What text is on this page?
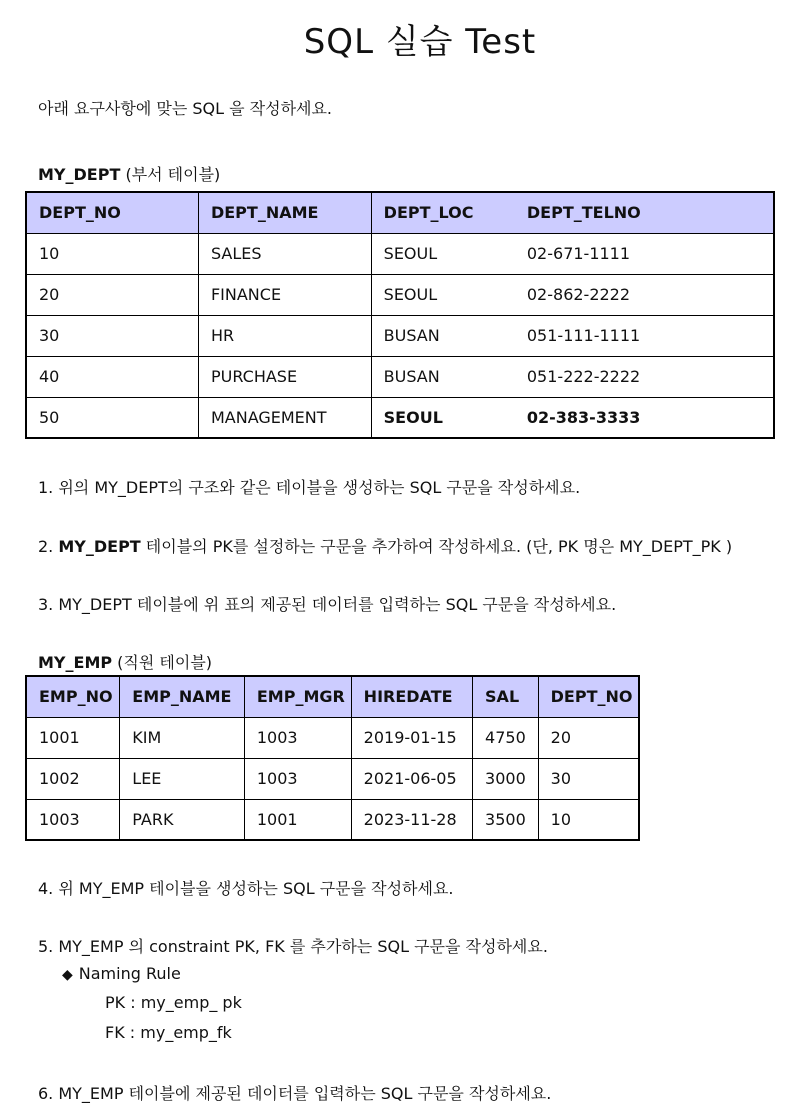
SQL 실습 Test
아래 요구사항에 맞는 SQL 을 작성하세요.
MY_DEPT (부서 테이블)
DEPT_NO	DEPT_NAME	DEPT_LOC	DEPT_TELNO
10	SALES	SEOUL	02-671-1111
20	FINANCE	SEOUL	02-862-2222
30	HR	BUSAN	051-111-1111
40	PURCHASE	BUSAN	051-222-2222
50	MANAGEMENT	SEOUL	02-383-3333
1. 위의 MY_DEPT의 구조와 같은 테이블을 생성하는 SQL 구문을 작성하세요.
2. MY_DEPT 테이블의 PK를 설정하는 구문을 추가하여 작성하세요. (단, PK 명은 MY_DEPT_PK )
3. MY_DEPT 테이블에 위 표의 제공된 데이터를 입력하는 SQL 구문을 작성하세요.
MY_EMP (직원 테이블)
EMP_NO	EMP_NAME	EMP_MGR	HIREDATE	SAL	DEPT_NO
1001	KIM	1003	2019-01-15	4750	20
1002	LEE	1003	2021-06-05	3000	30
1003	PARK	1001	2023-11-28	3500	10
4. 위 MY_EMP 테이블을 생성하는 SQL 구문을 작성하세요.
5. MY_EMP 의 constraint PK, FK 를 추가하는 SQL 구문을 작성하세요.
◆ Naming Rule
PK : my_emp_ pk
FK : my_emp_fk
6. MY_EMP 테이블에 제공된 데이터를 입력하는 SQL 구문을 작성하세요.
